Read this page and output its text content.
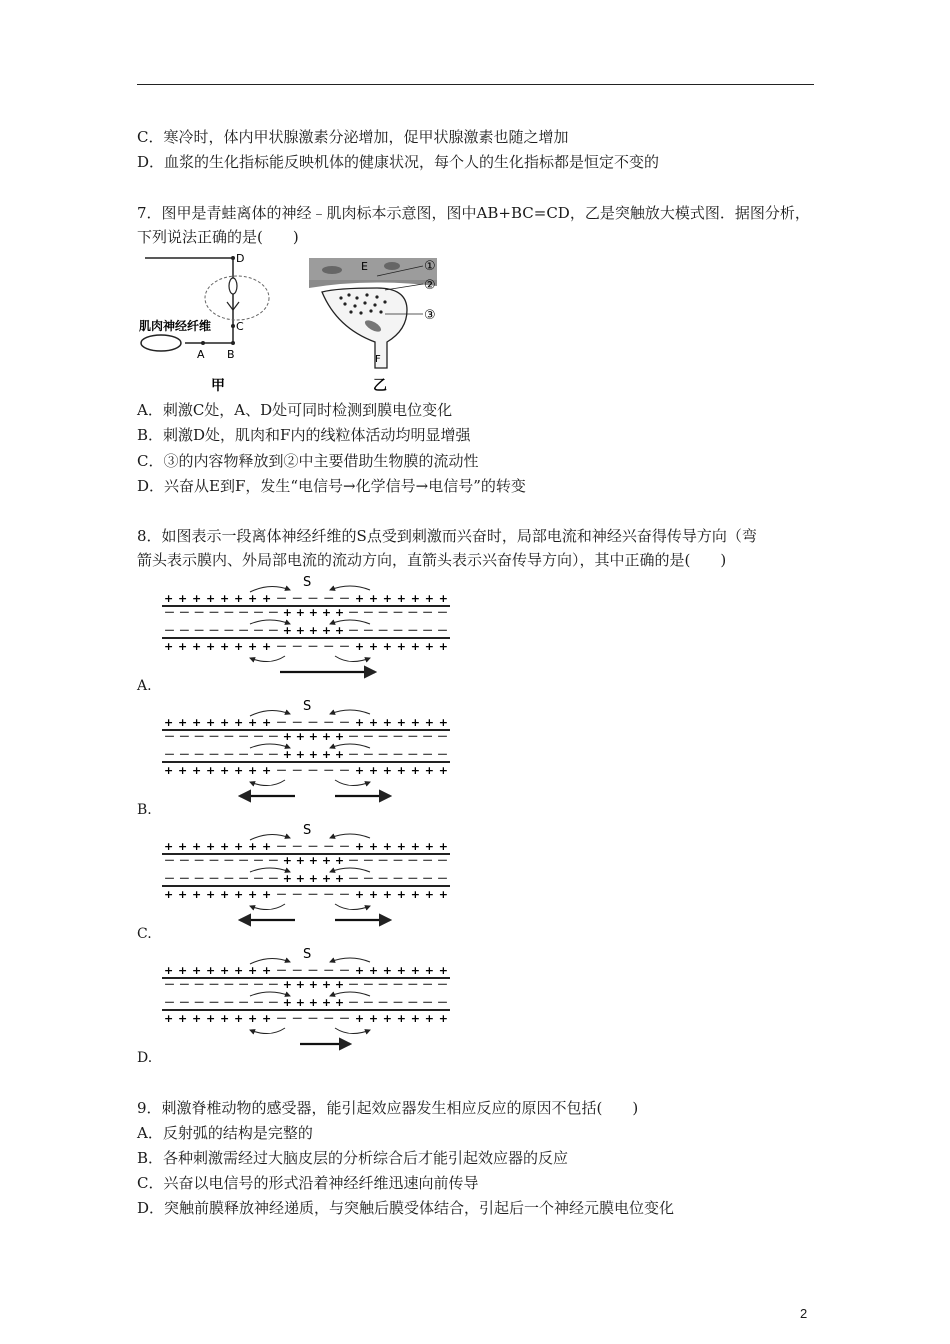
C．寒冷时，体内甲状腺激素分泌增加，促甲状腺激素也随之增加
D．血浆的生化指标能反映机体的健康状况，每个人的生化指标都是恒定不变的
7．图甲是青蛙离体的神经﹣肌肉标本示意图，图中AB+BC=CD，乙是突触放大模式图．据图分析，
下列说法正确的是(　　)
D
C
B
A
肌肉神经纤维
甲
E	①
②
③
F
乙
A．刺激C处，A、D处可同时检测到膜电位变化
B．刺激D处，肌肉和F内的线粒体活动均明显增强
C．③的内容物释放到②中主要借助生物膜的流动性
D．兴奋从E到F，发生“电信号→化学信号→电信号”的转变
8．如图表示一段离体神经纤维的S点受到刺激而兴奋时，局部电流和神经兴奋得传导方向（弯
箭头表示膜内、外局部电流的流动方向，直箭头表示兴奋传导方向），其中正确的是(　　)
S
+ + + + + + + + － － － － － + + + + + + +
－ － － － － － － － + + + + + － － － － － － －
－ － － － － － － － + + + + + － － － － － － －
+ + + + + + + + － － － － － + + + + + + +
A.
S
+ + + + + + + + － － － － － + + + + + + +
－ － － － － － － － + + + + + － － － － － － －
－ － － － － － － － + + + + + － － － － － － －
+ + + + + + + + － － － － － + + + + + + +
B.
S
+ + + + + + + + － － － － － + + + + + + +
－ － － － － － － － + + + + + － － － － － － －
－ － － － － － － － + + + + + － － － － － － －
+ + + + + + + + － － － － － + + + + + + +
C.
S
+ + + + + + + + － － － － － + + + + + + +
－ － － － － － － － + + + + + － － － － － － －
－ － － － － － － － + + + + + － － － － － － －
+ + + + + + + + － － － － － + + + + + + +
D.
9．刺激脊椎动物的感受器，能引起效应器发生相应反应的原因不包括(　　)
A．反射弧的结构是完整的
B．各种刺激需经过大脑皮层的分析综合后才能引起效应器的反应
C．兴奋以电信号的形式沿着神经纤维迅速向前传导
D．突触前膜释放神经递质，与突触后膜受体结合，引起后一个神经元膜电位变化
2
